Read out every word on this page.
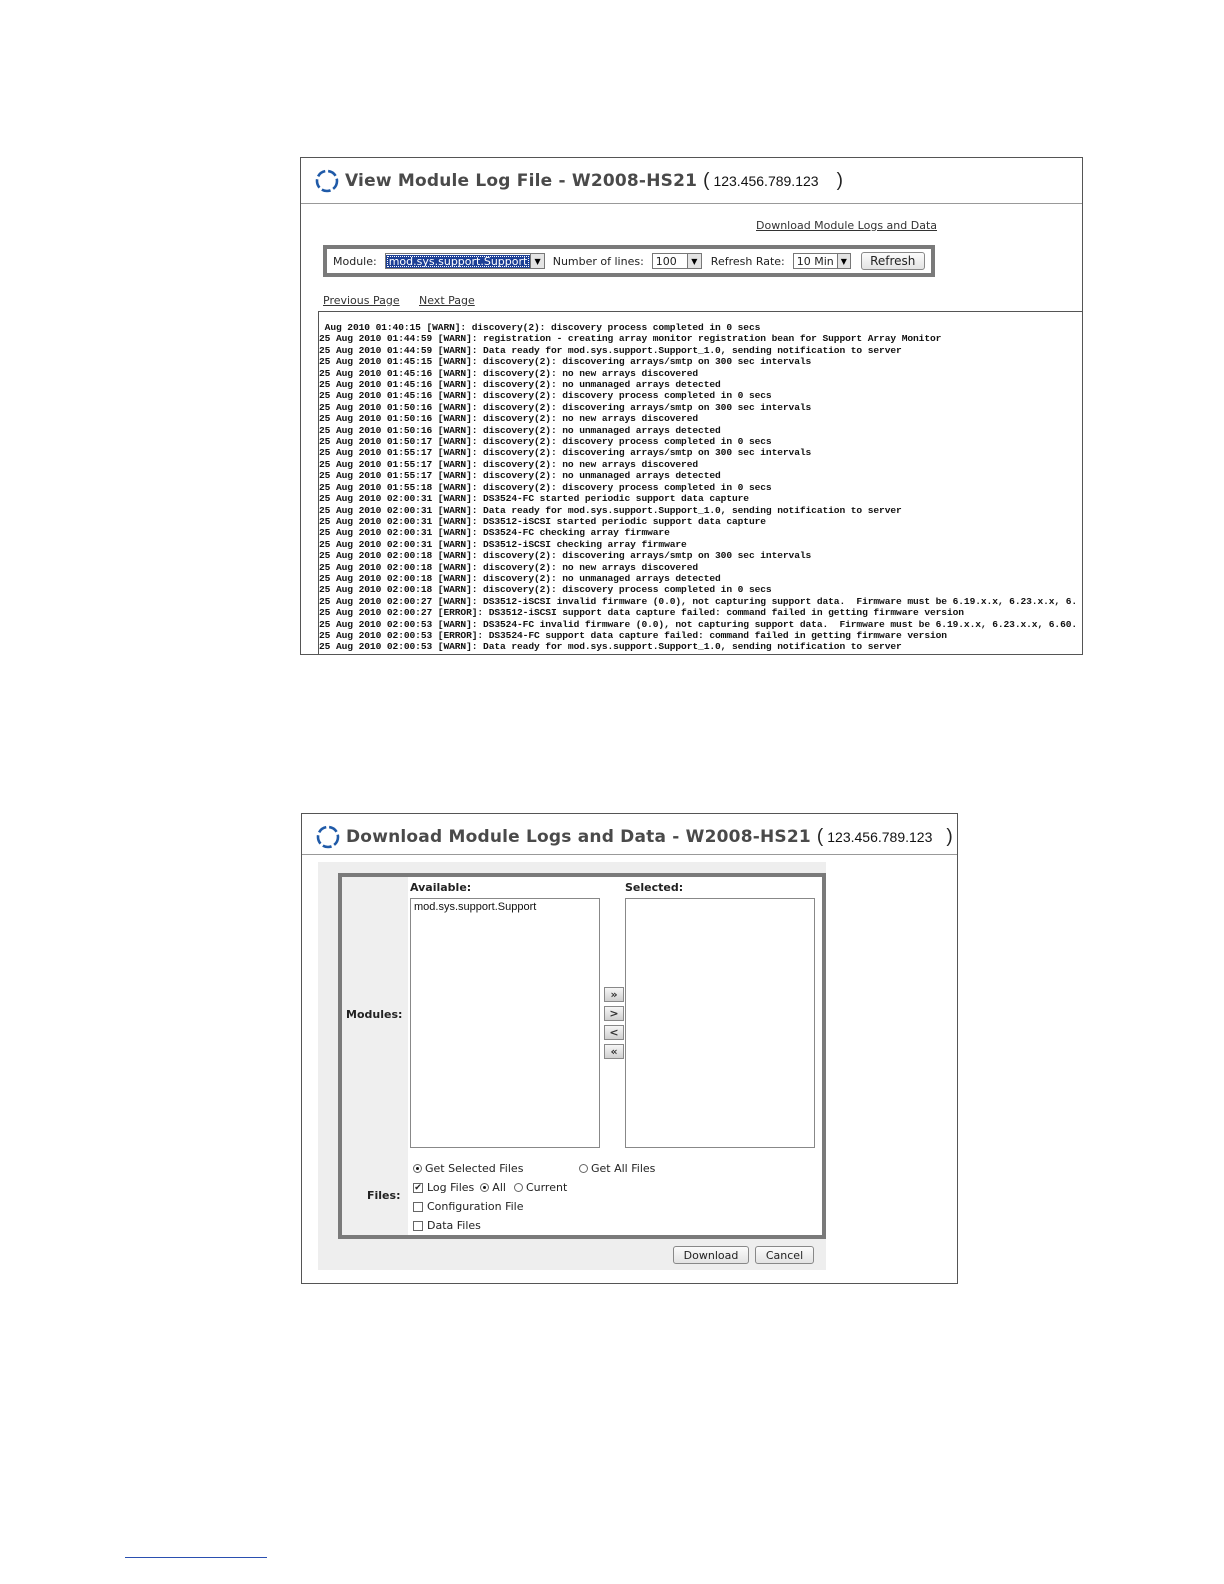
View Module Log File - W2008-HS21 ( 123.456.789.123 )
Download Module Logs and Data
Module: mod.sys.support.Support ▼ Number of lines: 100	▼	Refresh Rate: 10 Min ▼	Refresh
Previous Page Next Page
Aug 2010 01:40:15 [WARN]: discovery(2): discovery process completed in 0 secs
25 Aug 2010 01:44:59 [WARN]: registration - creating array monitor registration bean for Support Array Monitor
25 Aug 2010 01:44:59 [WARN]: Data ready for mod.sys.support.Support_1.0, sending notification to server
25 Aug 2010 01:45:15 [WARN]: discovery(2): discovering arrays/smtp on 300 sec intervals
25 Aug 2010 01:45:16 [WARN]: discovery(2): no new arrays discovered
25 Aug 2010 01:45:16 [WARN]: discovery(2): no unmanaged arrays detected
25 Aug 2010 01:45:16 [WARN]: discovery(2): discovery process completed in 0 secs
25 Aug 2010 01:50:16 [WARN]: discovery(2): discovering arrays/smtp on 300 sec intervals
25 Aug 2010 01:50:16 [WARN]: discovery(2): no new arrays discovered
25 Aug 2010 01:50:16 [WARN]: discovery(2): no unmanaged arrays detected
25 Aug 2010 01:50:17 [WARN]: discovery(2): discovery process completed in 0 secs
25 Aug 2010 01:55:17 [WARN]: discovery(2): discovering arrays/smtp on 300 sec intervals
25 Aug 2010 01:55:17 [WARN]: discovery(2): no new arrays discovered
25 Aug 2010 01:55:17 [WARN]: discovery(2): no unmanaged arrays detected
25 Aug 2010 01:55:18 [WARN]: discovery(2): discovery process completed in 0 secs
25 Aug 2010 02:00:31 [WARN]: DS3524-FC started periodic support data capture
25 Aug 2010 02:00:31 [WARN]: Data ready for mod.sys.support.Support_1.0, sending notification to server
25 Aug 2010 02:00:31 [WARN]: DS3512-iSCSI started periodic support data capture
25 Aug 2010 02:00:31 [WARN]: DS3524-FC checking array firmware
25 Aug 2010 02:00:31 [WARN]: DS3512-iSCSI checking array firmware
25 Aug 2010 02:00:18 [WARN]: discovery(2): discovering arrays/smtp on 300 sec intervals
25 Aug 2010 02:00:18 [WARN]: discovery(2): no new arrays discovered
25 Aug 2010 02:00:18 [WARN]: discovery(2): no unmanaged arrays detected
25 Aug 2010 02:00:18 [WARN]: discovery(2): discovery process completed in 0 secs
25 Aug 2010 02:00:27 [WARN]: DS3512-iSCSI invalid firmware (0.0), not capturing support data.  Firmware must be 6.19.x.x, 6.23.x.x, 6.
25 Aug 2010 02:00:27 [ERROR]: DS3512-iSCSI support data capture failed: command failed in getting firmware version
25 Aug 2010 02:00:53 [WARN]: DS3524-FC invalid firmware (0.0), not capturing support data.  Firmware must be 6.19.x.x, 6.23.x.x, 6.60.
25 Aug 2010 02:00:53 [ERROR]: DS3524-FC support data capture failed: command failed in getting firmware version
25 Aug 2010 02:00:53 [WARN]: Data ready for mod.sys.support.Support_1.0, sending notification to server
Download Module Logs and Data - W2008-HS21 ( 123.456.789.123 )
Available:	Selected:
Modules:
mod.sys.support.Support
»
>
<
«
Files:
Get Selected Files	Get All Files
✔ Log Files All Current
Configuration File
Data Files
Download	Cancel
